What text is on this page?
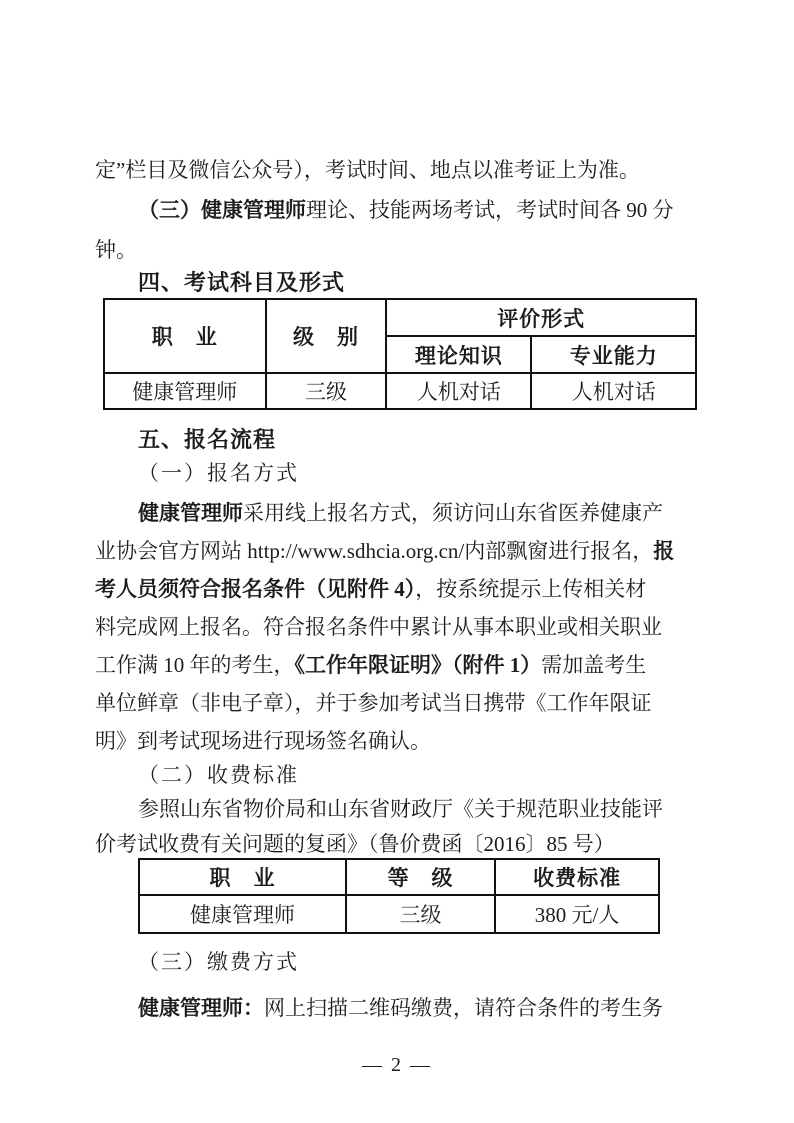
定”栏目及微信公众号），考试时间、地点以准考证上为准。
（三）健康管理师理论、技能两场考试，考试时间各 90 分
钟。
四、考试科目及形式
职　业	级　别	评价形式	
		理论知识	专业能力
健康管理师	三级	人机对话	人机对话
五、报名流程
（一）报名方式
健康管理师采用线上报名方式，须访问山东省医养健康产
业协会官方网站 http://www.sdhcia.org.cn/内部飘窗进行报名，报
考人员须符合报名条件（见附件 4），按系统提示上传相关材
料完成网上报名。符合报名条件中累计从事本职业或相关职业
工作满 10 年的考生，《工作年限证明》（附件 1）需加盖考生
单位鲜章（非电子章），并于参加考试当日携带《工作年限证
明》到考试现场进行现场签名确认。
（二）收费标准
参照山东省物价局和山东省财政厅《关于规范职业技能评
价考试收费有关问题的复函》（鲁价费函〔2016〕85 号）
职　业	等　级	收费标准
健康管理师	三级	380 元/人
（三）缴费方式
健康管理师：网上扫描二维码缴费，请符合条件的考生务
— 2 —
